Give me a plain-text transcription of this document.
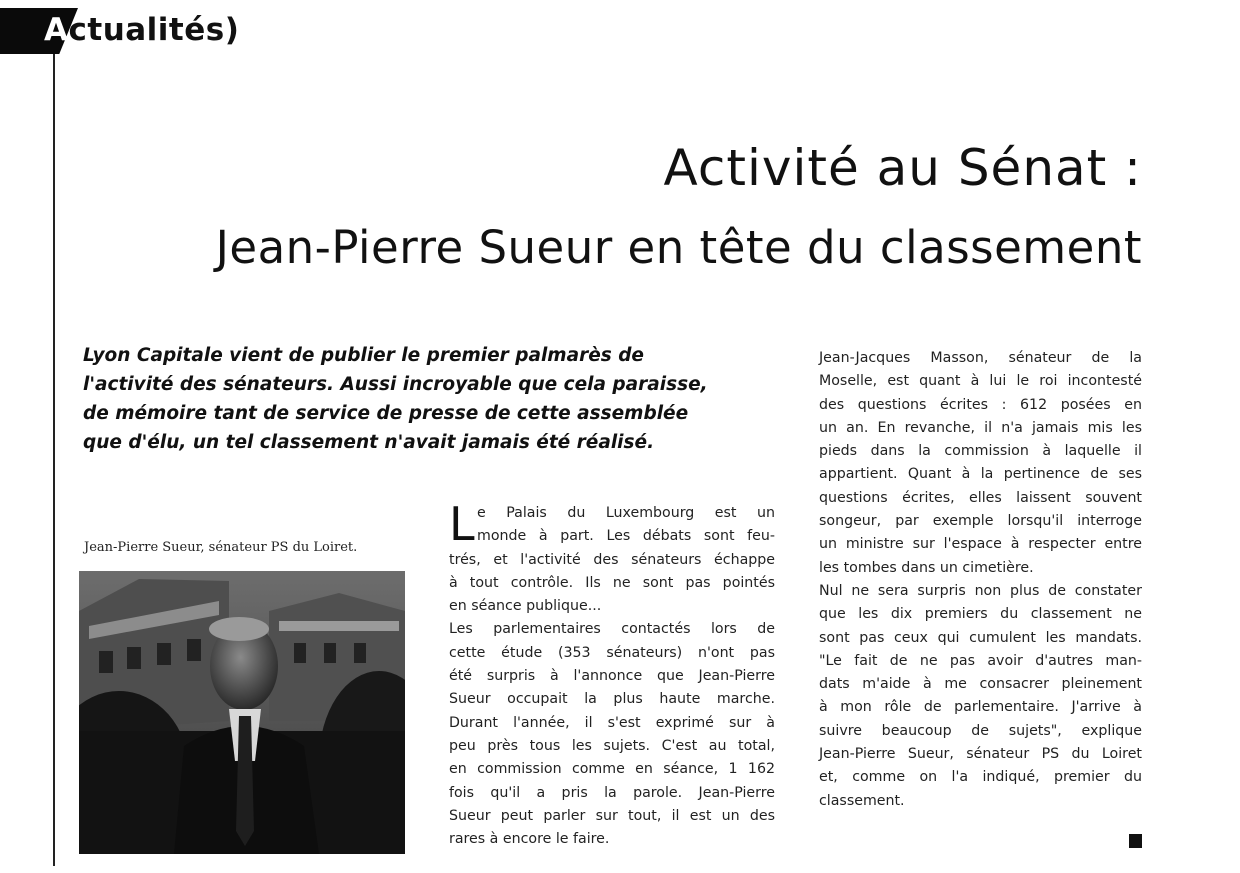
Actualités)
Activité au Sénat :
Jean-Pierre Sueur en tête du classement
Lyon Capitale vient de publier le premier palmarès de
l'activité des sénateurs. Aussi incroyable que cela paraisse,
de mémoire tant de service de presse de cette assemblée
que d'élu, un tel classement n'avait jamais été réalisé.
Jean-Pierre Sueur, sénateur PS du Loiret. L e Palais du Luxembourg est un
monde à part. Les débats sont feu-
trés, et l'activité des sénateurs échappe
à tout contrôle. Ils ne sont pas pointés
en séance publique...
Les parlementaires contactés lors de
cette étude (353 sénateurs) n'ont pas
été surpris à l'annonce que Jean-Pierre
Sueur occupait la plus haute marche.
Durant l'année, il s'est exprimé sur à
peu près tous les sujets. C'est au total,
en commission comme en séance, 1 162
fois qu'il a pris la parole. Jean-Pierre
Sueur peut parler sur tout, il est un des
rares à encore le faire.
Jean-Jacques Masson, sénateur de la
Moselle, est quant à lui le roi incontesté
des questions écrites : 612 posées en
un an. En revanche, il n'a jamais mis les
pieds dans la commission à laquelle il
appartient. Quant à la pertinence de ses
questions écrites, elles laissent souvent
songeur, par exemple lorsqu'il interroge
un ministre sur l'espace à respecter entre
les tombes dans un cimetière.
Nul ne sera surpris non plus de constater
que les dix premiers du classement ne
sont pas ceux qui cumulent les mandats.
"Le fait de ne pas avoir d'autres man-
dats m'aide à me consacrer pleinement
à mon rôle de parlementaire. J'arrive à
suivre beaucoup de sujets", explique
Jean-Pierre Sueur, sénateur PS du Loiret
et, comme on l'a indiqué, premier du
classement.
